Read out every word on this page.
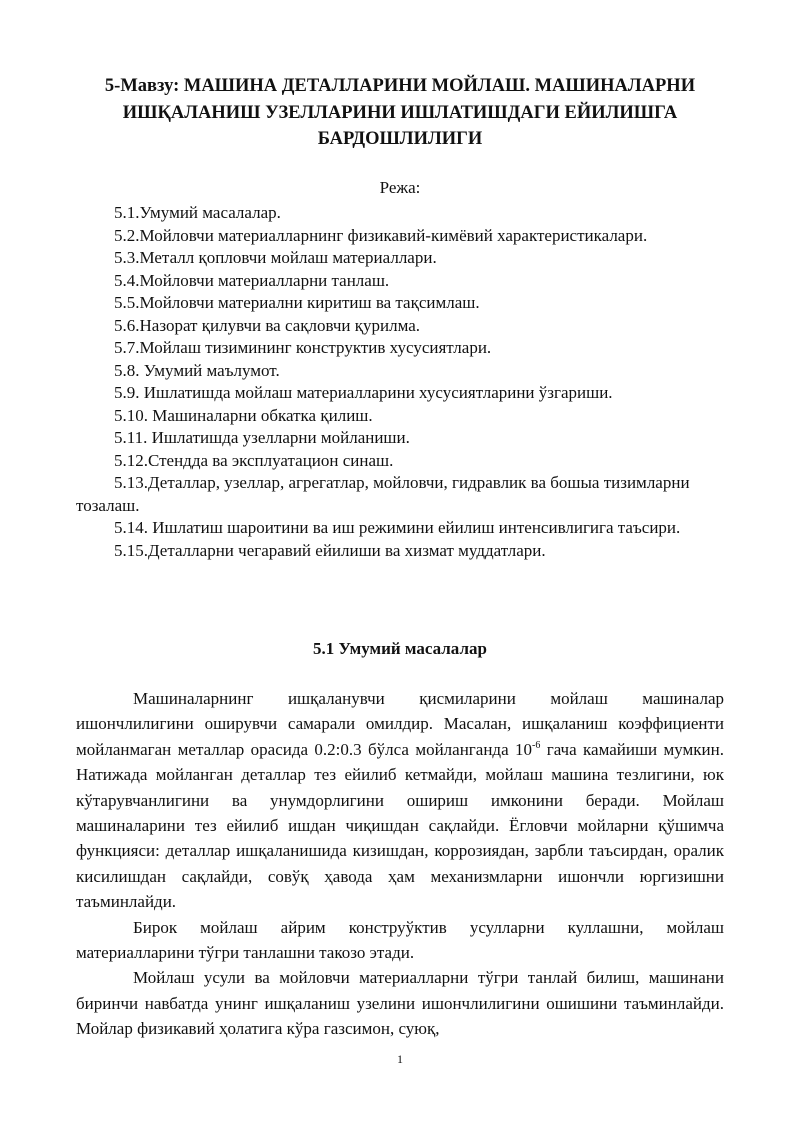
5-Мавзу: МАШИНА ДЕТАЛЛАРИНИ МОЙЛАШ. МАШИНАЛАРНИ
ИШҚАЛАНИШ УЗЕЛЛАРИНИ ИШЛАТИШДАГИ ЕЙИЛИШГА
БАРДОШЛИЛИГИ
Режа:
5.1.Умумий масалалар.
5.2.Мойловчи материалларнинг физикавий-кимёвий характеристикалари.
5.3.Металл қопловчи мойлаш материаллари.
5.4.Мойловчи материалларни танлаш.
5.5.Мойловчи материални киритиш ва тақсимлаш.
5.6.Назорат қилувчи ва сақловчи қурилма.
5.7.Мойлаш тизимининг конструктив хусусиятлари.
5.8. Умумий маълумот.
5.9. Ишлатишда мойлаш материалларини хусусиятларини ўзгариши.
5.10. Машиналарни обкатка қилиш.
5.11. Ишлатишда узелларни мойланиши.
5.12.Стендда ва эксплуатацион синаш.
5.13.Деталлар, узеллар, агрегатлар, мойловчи, гидравлик ва бошыа тизимларни тозалаш.
5.14. Ишлатиш шароитини ва иш режимини ейилиш интенсивлигига таъсири.
5.15.Деталларни чегаравий ейилиши ва хизмат муддатлари.
5.1 Умумий масалалар

Машиналарнинг ишқаланувчи қисмиларини мойлаш машиналар ишончлилигини оширувчи самарали омилдир. Масалан, ишқаланиш коэффициенти мойланмаган металлар орасида 0.2:0.3 бўлса мойланганда $10^{-6}$ гача камайиши мумкин. Натижада мойланган деталлар тез ейилиб кетмайди, мойлаш машина тезлигини, юк кўтарувчанлигини ва унумдорлигини ошириш имконини беради. Мойлаш машиналарини тез ейилиб ишдан чиқишдан сақлайди. Ёгловчи мойларни қўшимча функцияси: деталлар ишқаланишида кизишдан, коррозиядан, зарбли таъсирдан, оралик кисилишдан сақлайди, совўқ ҳавода ҳам механизмларни ишончли юргизишни таъминлайди.

Бирок мойлаш айрим конструўктив усулларни куллашни, мойлаш материалларини тўгри танлашни такозо этади.

Мойлаш усули ва мойловчи материалларни тўгри танлай билиш, машинани биринчи навбатда унинг ишқаланиш узелини ишончлилигини ошишини таъминлайди. Мойлар физикавий ҳолатига кўра газсимон, суюқ,

1
